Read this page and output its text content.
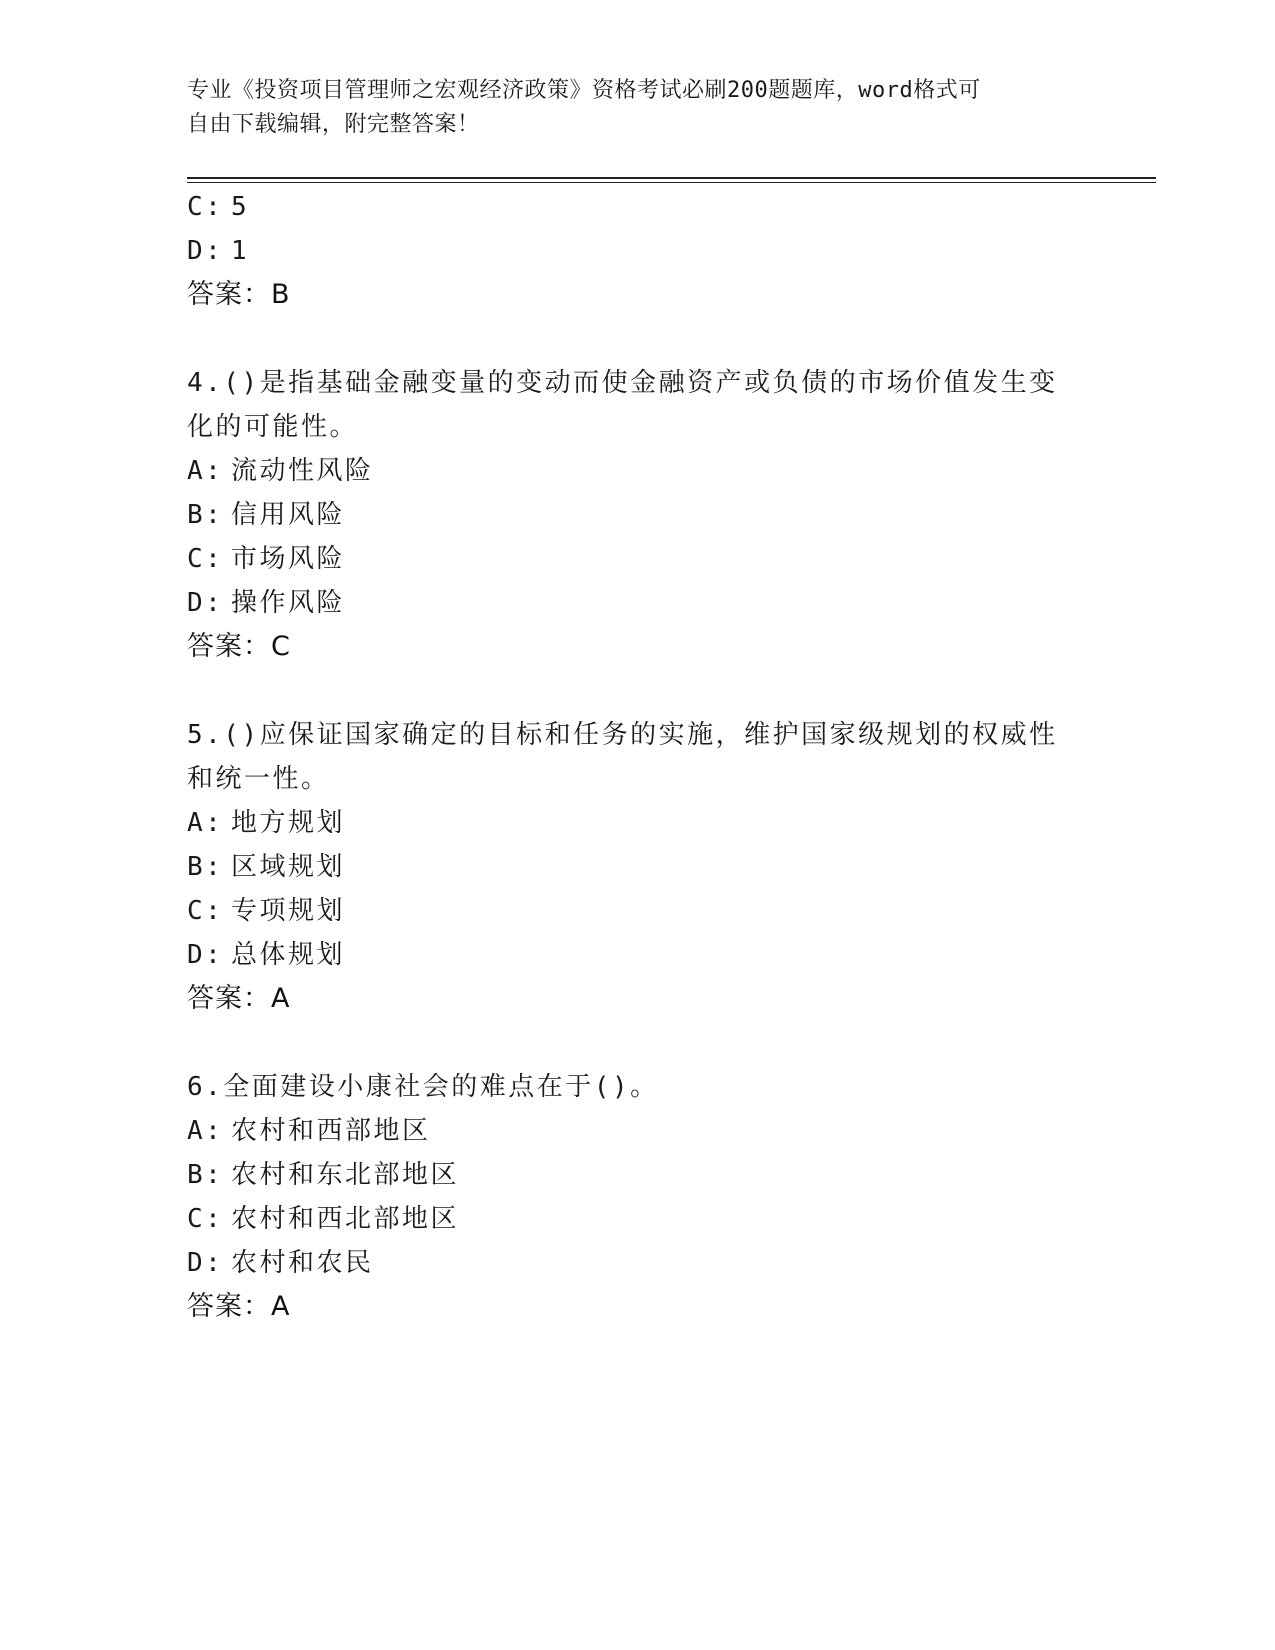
专业《投资项目管理师之宏观经济政策》资格考试必刷200题题库，word格式可
自由下载编辑，附完整答案！
C: 5
D: 1
答案：B
4.()是指基础金融变量的变动而使金融资产或负债的市场价值发生变
化的可能性。
A: 流动性风险
B: 信用风险
C: 市场风险
D: 操作风险
答案：C
5.()应保证国家确定的目标和任务的实施，维护国家级规划的权威性
和统一性。
A: 地方规划
B: 区域规划
C: 专项规划
D: 总体规划
答案：A
6.全面建设小康社会的难点在于()。
A: 农村和西部地区
B: 农村和东北部地区
C: 农村和西北部地区
D: 农村和农民
答案：A
